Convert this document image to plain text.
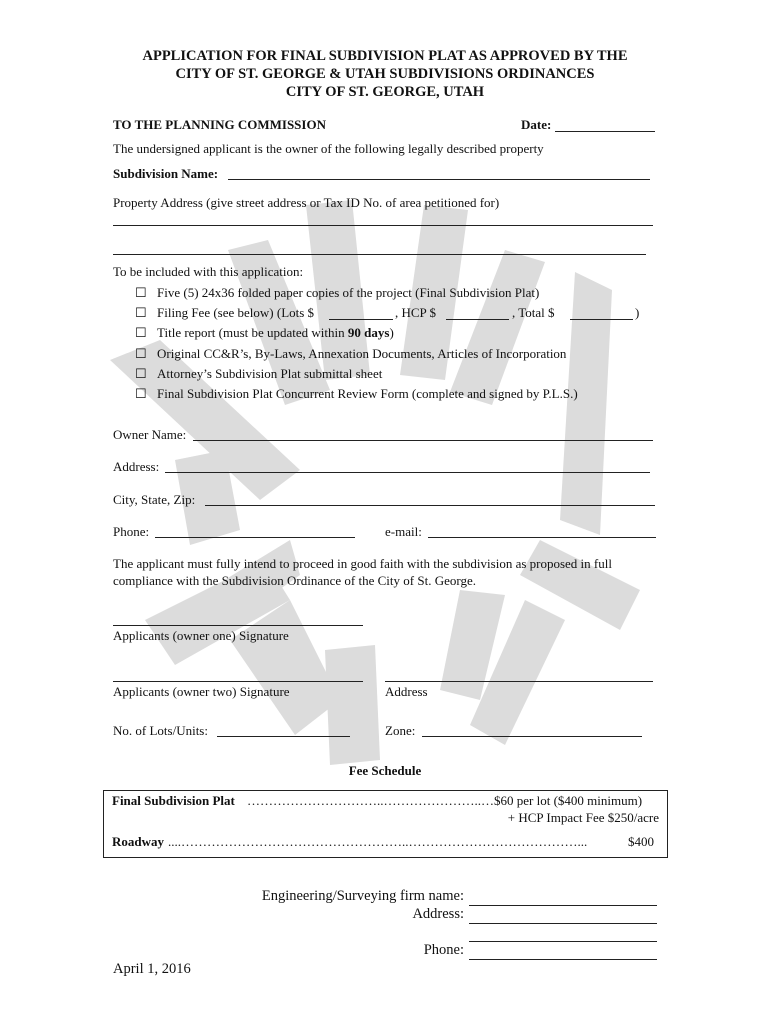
APPLICATION FOR FINAL SUBDIVISION PLAT AS APPROVED BY THE
CITY OF ST. GEORGE & UTAH SUBDIVISIONS ORDINANCES
CITY OF ST. GEORGE, UTAH
TO THE PLANNING COMMISSION	Date:
The undersigned applicant is the owner of the following legally described property
Subdivision Name:
Property Address (give street address or Tax ID No. of area petitioned for)
To be included with this application:
☐ Five (5) 24x36 folded paper copies of the project (Final Subdivision Plat)
☐ Filing Fee (see below) (Lots $	, HCP $	, Total $	)
☐ Title report (must be updated within 90 days)
☐ Original CC&R’s, By-Laws, Annexation Documents, Articles of Incorporation
☐ Attorney’s Subdivision Plat submittal sheet
☐ Final Subdivision Plat Concurrent Review Form (complete and signed by P.L.S.)
Owner Name:
Address:
City, State, Zip:
Phone:	e-mail:
The applicant must fully intend to proceed in good faith with the subdivision as proposed in full
compliance with the Subdivision Ordinance of the City of St. George.
Applicants (owner one) Signature
Applicants (owner two) Signature	Address
No. of Lots/Units:	Zone:
Fee Schedule
Final Subdivision Plat …………………………..…………………..… $60 per lot ($400 minimum)
+ HCP Impact Fee $250/acre
Roadway ....……………………………………………..…………………………………...	$400
Engineering/Surveying firm name:
Address:
Phone:
April 1, 2016
